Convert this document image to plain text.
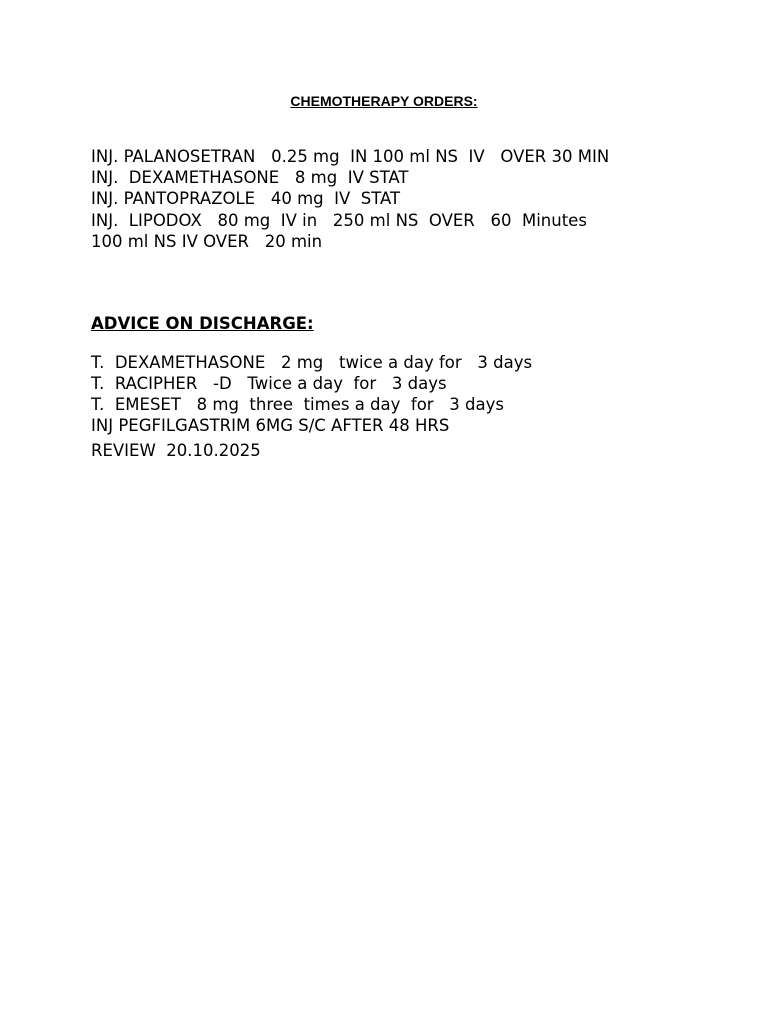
CHEMOTHERAPY ORDERS:
INJ. PALANOSETRAN   0.25 mg  IN 100 ml NS  IV   OVER 30 MIN
INJ.  DEXAMETHASONE   8 mg  IV STAT
INJ. PANTOPRAZOLE   40 mg  IV  STAT
INJ.  LIPODOX   80 mg  IV in   250 ml NS  OVER   60  Minutes
100 ml NS IV OVER   20 min
ADVICE ON DISCHARGE:
T.  DEXAMETHASONE   2 mg   twice a day for   3 days
T.  RACIPHER   -D   Twice a day  for   3 days
T.  EMESET   8 mg  three  times a day  for   3 days
INJ PEGFILGASTRIM 6MG S/C AFTER 48 HRS
REVIEW  20.10.2025
